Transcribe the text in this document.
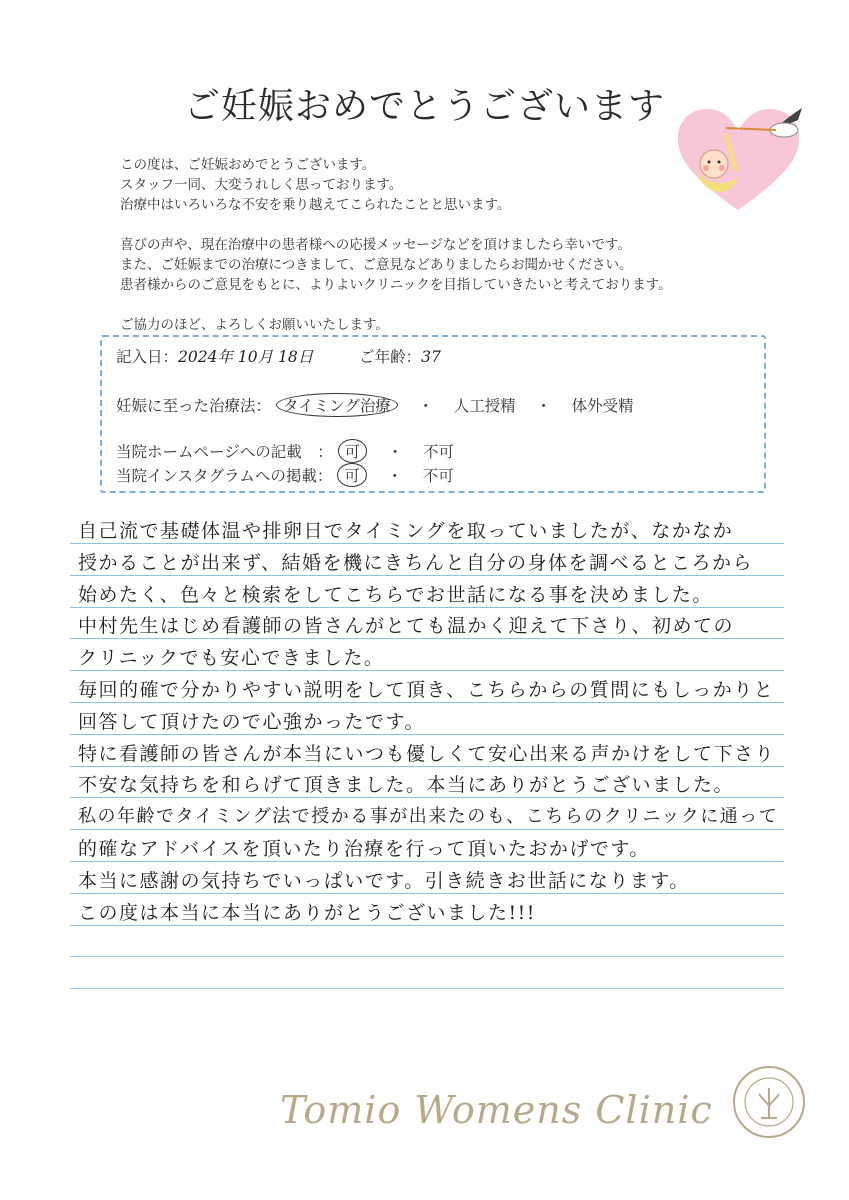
ご妊娠おめでとうございます

この度は、ご妊娠おめでとうございます。

スタッフ一同、大変うれしく思っております。

治療中はいろいろな不安を乗り越えてこられたことと思います。

喜びの声や、現在治療中の患者様への応援メッセージなどを頂けましたら幸いです。

また、ご妊娠までの治療につきまして、ご意見などありましたらお聞かせください。

患者様からのご意見をもとに、よりよいクリニックを目指していきたいと考えております。

ご協力のほど、よろしくお願いいたします。

記入日：2024年 10月 18日	ご年齢：37
妊娠に至った治療法： タイミング治療 ・ 人工授精 ・ 体外受精
当院ホームページへの記載　： 可 ・ 不可
当院インスタグラムへの掲載： 可 ・ 不可
自己流で基礎体温や排卵日でタイミングを取っていましたが、なかなか
授かることが出来ず、結婚を機にきちんと自分の身体を調べるところから
始めたく、色々と検索をしてこちらでお世話になる事を決めました。
中村先生はじめ看護師の皆さんがとても温かく迎えて下さり、初めての
クリニックでも安心できました。
毎回的確で分かりやすい説明をして頂き、こちらからの質問にもしっかりと
回答して頂けたので心強かったです。
特に看護師の皆さんが本当にいつも優しくて安心出来る声かけをして下さり
不安な気持ちを和らげて頂きました。本当にありがとうございました。
私の年齢でタイミング法で授かる事が出来たのも、こちらのクリニックに通って
的確なアドバイスを頂いたり治療を行って頂いたおかげです。
本当に感謝の気持ちでいっぱいです。引き続きお世話になります。
この度は本当に本当にありがとうございました!!!
Tomio Womens Clinic
